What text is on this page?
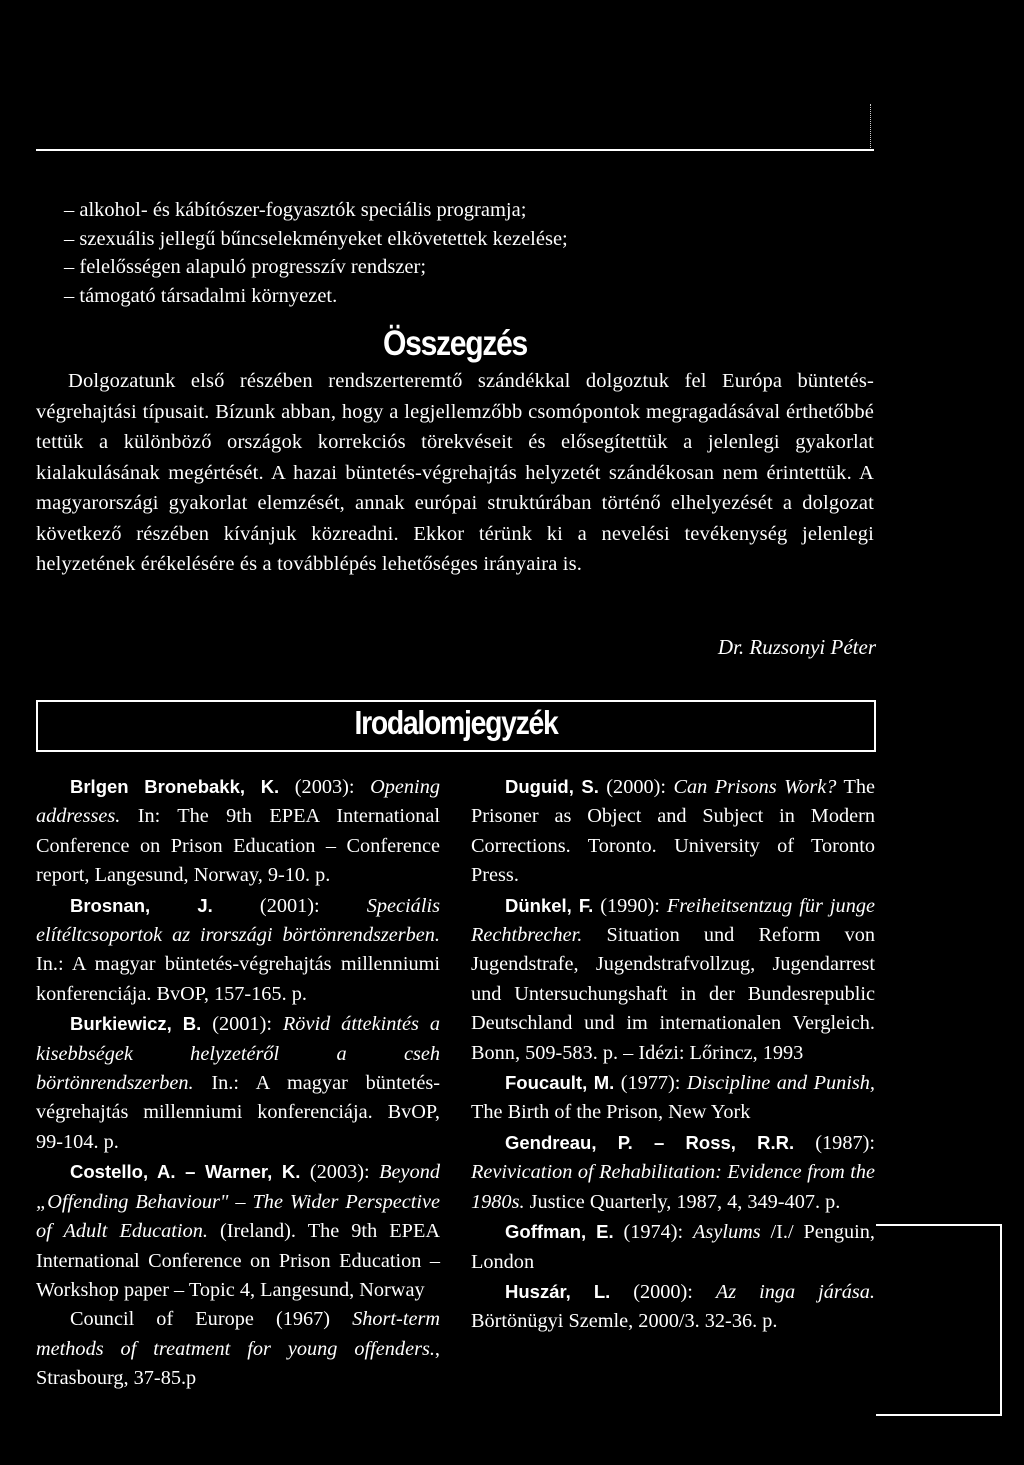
– alkohol- és kábítószer-fogyasztók speciális programja;
– szexuális jellegű bűncselekményeket elkövetettek kezelése;
– felelősségen alapuló progresszív rendszer;
– támogató társadalmi környezet.
Összegzés
Dolgozatunk első részében rendszerteremtő szándékkal dolgoztuk fel Európa büntetés-végrehajtási típusait. Bízunk abban, hogy a legjellemzőbb csomópontok megragadásával érthetőbbé tettük a különböző országok korrekciós törekvéseit és elősegítettük a jelenlegi gyakorlat kialakulásának megértését. A hazai büntetés-végrehajtás helyzetét szándékosan nem érintettük. A magyarországi gyakorlat elemzését, annak európai struktúrában történő elhelyezését a dolgozat következő részében kívánjuk közreadni. Ekkor térünk ki a nevelési tevékenység jelenlegi helyzetének érékelésére és a továbblépés lehetőséges irányaira is.
Dr. Ruzsonyi Péter
Irodalomjegyzék
Brlgen Bronebakk, K. (2003): Opening addresses. In: The 9th EPEA International Conference on Prison Education – Conference report, Langesund, Norway, 9-10. p.
Brosnan, J. (2001): Speciális elítéltcsoportok az irországi börtönrendszerben. In.: A magyar büntetés-végrehajtás millenniumi konferenciája. BvOP, 157-165. p.
Burkiewicz, B. (2001): Rövid áttekintés a kisebbségek helyzetéről a cseh börtönrendszerben. In.: A magyar büntetés-végrehajtás millenniumi konferenciája. BvOP, 99-104. p.
Costello, A. – Warner, K. (2003): Beyond „Offending Behaviour" – The Wider Perspective of Adult Education. (Ireland). The 9th EPEA International Conference on Prison Education – Workshop paper – Topic 4, Langesund, Norway
Council of Europe (1967) Short-term methods of treatment for young offenders., Strasbourg, 37-85.p
Duguid, S. (2000): Can Prisons Work? The Prisoner as Object and Subject in Modern Corrections. Toronto. University of Toronto Press.
Dünkel, F. (1990): Freiheitsentzug für junge Rechtbrecher. Situation und Reform von Jugendstrafe, Jugendstrafvollzug, Jugendarrest und Untersuchungshaft in der Bundesrepublic Deutschland und im internationalen Vergleich. Bonn, 509-583. p. – Idézi: Lőrincz, 1993
Foucault, M. (1977): Discipline and Punish, The Birth of the Prison, New York
Gendreau, P. – Ross, R.R. (1987): Revivication of Rehabilitation: Evidence from the 1980s. Justice Quarterly, 1987, 4, 349-407. p.
Goffman, E. (1974): Asylums /I./ Penguin, London
Huszár, L. (2000): Az inga járása. Börtönügyi Szemle, 2000/3. 32-36. p.
